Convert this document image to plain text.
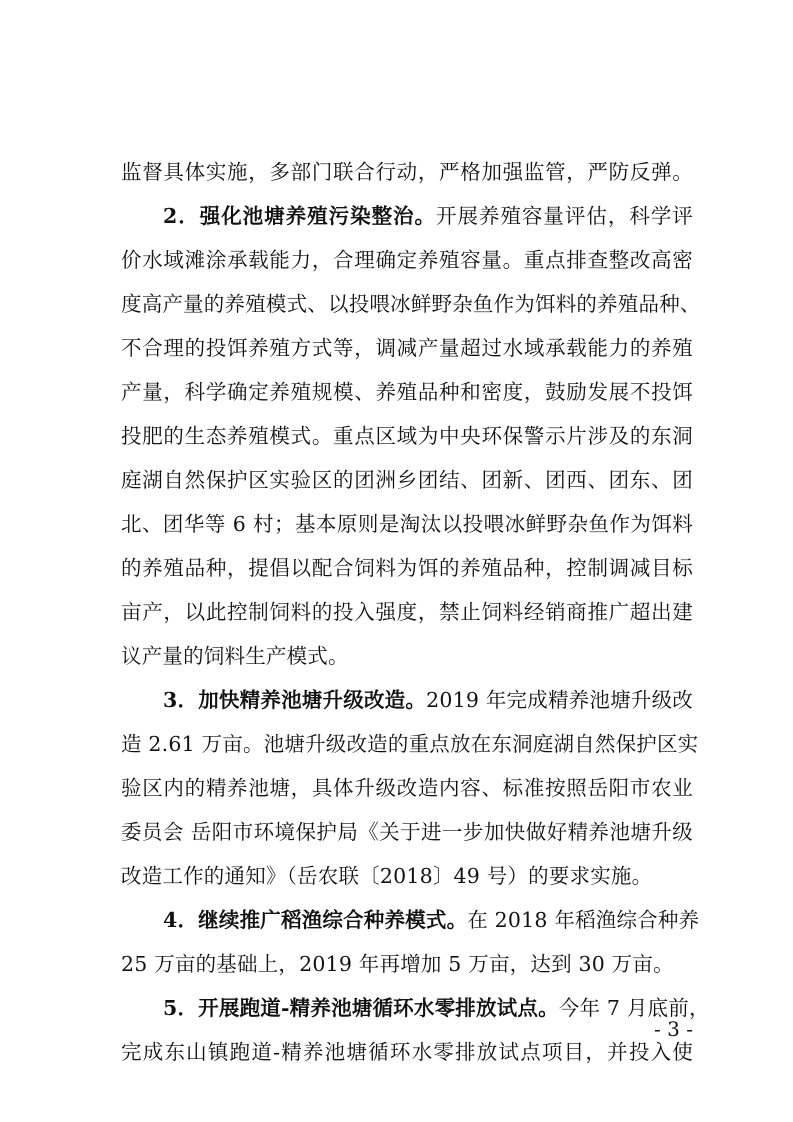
监督具体实施，多部门联合行动，严格加强监管，严防反弹。
2．强化池塘养殖污染整治。开展养殖容量评估，科学评
价水域滩涂承载能力，合理确定养殖容量。重点排查整改高密
度高产量的养殖模式、以投喂冰鲜野杂鱼作为饵料的养殖品种、
不合理的投饵养殖方式等，调减产量超过水域承载能力的养殖
产量，科学确定养殖规模、养殖品种和密度，鼓励发展不投饵
投肥的生态养殖模式。重点区域为中央环保警示片涉及的东洞
庭湖自然保护区实验区的团洲乡团结、团新、团西、团东、团
北、团华等 6 村；基本原则是淘汰以投喂冰鲜野杂鱼作为饵料
的养殖品种，提倡以配合饲料为饵的养殖品种，控制调减目标
亩产，以此控制饲料的投入强度，禁止饲料经销商推广超出建
议产量的饲料生产模式。
3．加快精养池塘升级改造。2019 年完成精养池塘升级改
造 2.61 万亩。池塘升级改造的重点放在东洞庭湖自然保护区实
验区内的精养池塘，具体升级改造内容、标准按照岳阳市农业
委员会 岳阳市环境保护局《关于进一步加快做好精养池塘升级
改造工作的通知》（岳农联〔2018〕49 号）的要求实施。
4．继续推广稻渔综合种养模式。在 2018 年稻渔综合种养
25 万亩的基础上，2019 年再增加 5 万亩，达到 30 万亩。
5．开展跑道-精养池塘循环水零排放试点。今年 7 月底前，
完成东山镇跑道-精养池塘循环水零排放试点项目，并投入使
- 3 -
